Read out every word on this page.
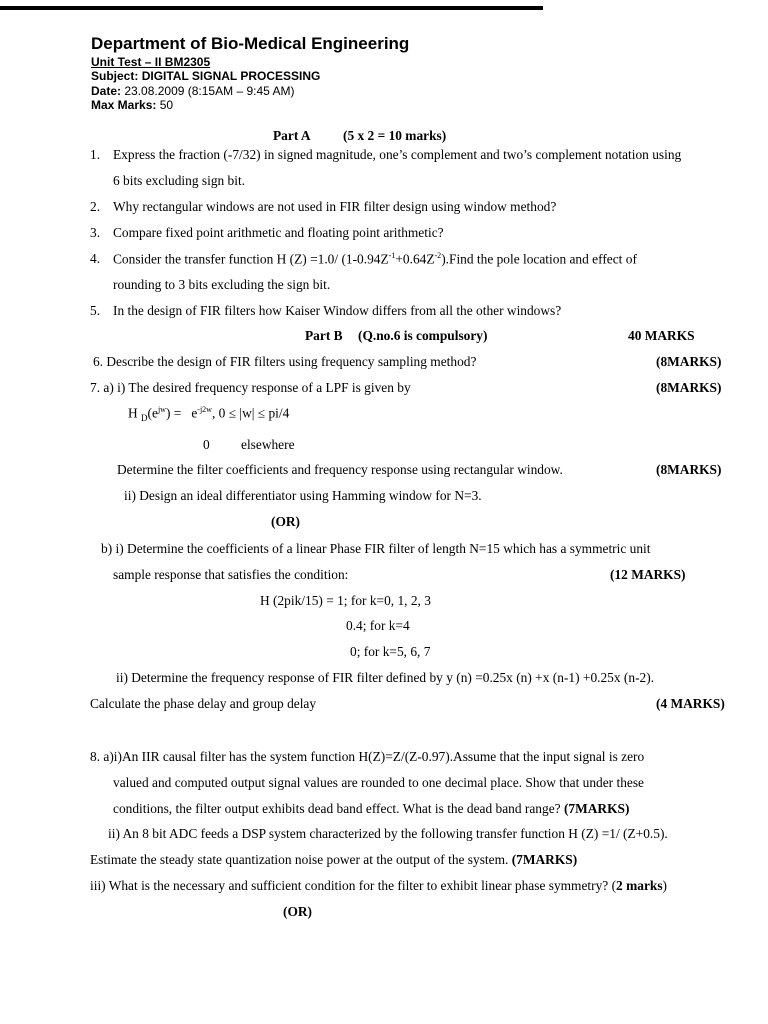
Department of Bio-Medical Engineering
Unit Test – II BM2305
Subject: DIGITAL SIGNAL PROCESSING
Date: 23.08.2009 (8:15AM – 9:45 AM)
Max Marks: 50
Part A (5 x 2 = 10 marks)
1. Express the fraction (-7/32) in signed magnitude, one’s complement and two’s complement notation using
6 bits excluding sign bit.
2. Why rectangular windows are not used in FIR filter design using window method?
3. Compare fixed point arithmetic and floating point arithmetic?
4. Consider the transfer function H (Z) =1.0/ $(1-0.94Z^{-1}+0.64Z^{-2}).Find$ the pole location and effect of
rounding to 3 bits excluding the sign bit.
5. In the design of FIR filters how Kaiser Window differs from all the other windows?
Part B (Q.no.6 is compulsory)	40 MARKS
6. Describe the design of FIR filters using frequency sampling method?	(8MARKS)
7. a) i) The desired frequency response of a LPF is given by	(8MARKS)
H $_D(e^{jw}) = e^{-j2w}$, 0 ≤ |w| ≤ pi/4
0 elsewhere
Determine the filter coefficients and frequency response using rectangular window.	(8MARKS)
ii) Design an ideal differentiator using Hamming window for N=3.
(OR)
b) i) Determine the coefficients of a linear Phase FIR filter of length N=15 which has a symmetric unit
sample response that satisfies the condition:	(12 MARKS)
H (2pik/15) = 1; for k=0, 1, 2, 3
0.4; for k=4
0; for k=5, 6, 7
ii) Determine the frequency response of FIR filter defined by y (n) =0.25x (n) +x (n-1) +0.25x (n-2).
Calculate the phase delay and group delay	(4 MARKS)
8. a)i)An IIR causal filter has the system function H(Z)=Z/(Z-0.97).Assume that the input signal is zero
valued and computed output signal values are rounded to one decimal place. Show that under these
conditions, the filter output exhibits dead band effect. What is the dead band range? (7MARKS)
ii) An 8 bit ADC feeds a DSP system characterized by the following transfer function H (Z) =1/ (Z+0.5).
Estimate the steady state quantization noise power at the output of the system. (7MARKS)
iii) What is the necessary and sufficient condition for the filter to exhibit linear phase symmetry? (2 marks)
(OR)
